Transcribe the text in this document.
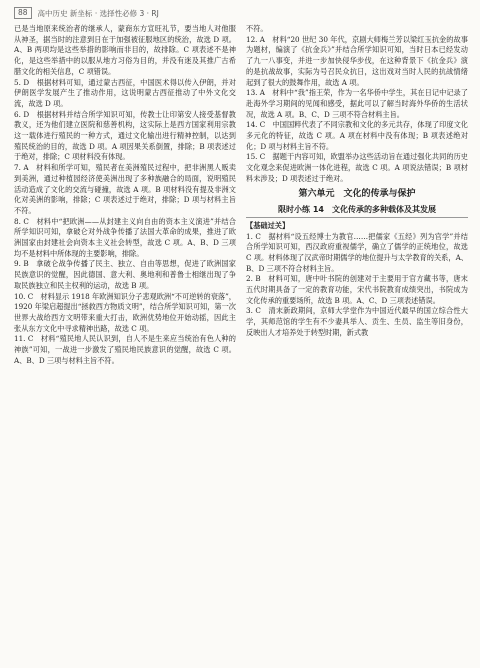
88	高中历史 新坐标 · 选择性必修 3 · RJ

已是当地原来统治者的继承人，蒙商东方宣旺礼节，要当地人对他服从神圣，据当时的注意到日在于加强被征服地区的统治，故选 D 项。A、B 两项均是这些举措的影响而非目的，故排除。C 项表述不是神化，是这些举措中的以服从地方习俗为目的，并没有迷及其推广古希腊文化的相关信息，C 项错误。

5. D　根据材料可知，通过蒙古西征，中国医术得以传入伊朗，并对伊朗医学发展产生了推动作用，这说明蒙古西征推动了中外文化交流，故选 D 项。

6. D　根据材料并结合所学知识可知，传教士让印第安人接受基督教教义，还为他们建立医院和慈善机构，这实际上是西方国家利用宗教这一载体进行殖民的一种方式，通过文化输出进行精神控制，以达到殖民统治的目的，故选 D 项。A 项因果关系倒置，排除；B 项表述过于绝对，排除；C 项材料没有体现。

7. A　材料和所学可知，殖民者在美洲殖民过程中，把非洲黑人贩卖到美洲，通过种植园经济使美洲出现了多种族融合的局面，说明殖民活动造成了文化的交流与碰撞，故选 A 项。B 项材料没有提及非洲文化对美洲的影响，排除；C 项表述过于绝对，排除；D 项与材料主旨不符。

8. C　材料中“把欧洲——从封建主义向自由的资本主义演进”并结合所学知识可知，拿破仑对外战争传播了法国大革命的成果，推进了欧洲国家由封建社会向资本主义社会转型，故选 C 项。A、B、D 三项均不是材料中所体现的主要影响，排除。

9. B　拿破仑战争传播了民主、独立、自由等思想，促进了欧洲国家民族意识的觉醒，因此德国、意大利、奥地利和普鲁士相继出现了争取民族独立和民主权利的运动，故选 B 项。

10. C　材料显示 1918 年欧洲知识分子悲观欧洲“不可逆转的衰落”，1920 年梁启超提出“拯救西方物质文明”，结合所学知识可知，第一次世界大战给西方文明带来重大打击，欧洲优势地位开始动摇，因此主张从东方文化中寻求精神出路，故选 C 项。

11. C　材料“殖民地人民认识到，自人不是生来应当统治有色人种的神族”可知，一战进一步激发了殖民地民族意识的觉醒，故选 C 项。A、B、D 三项与材料主旨不符。

不符。

12. A　材料“20 世纪 30 年代，京剧大师梅兰芳以梁红玉抗金的故事为题材，编演了《抗金兵》”并结合所学知识可知，当时日本已经发动了九一八事变，并进一步加快侵华步伐，在这种背景下《抗金兵》演的是抗战故事，实际为号召民众抗日，这出戏对当时人民的抗战情绪起到了很大的鼓舞作用，故选 A 项。

13. A　材料中“我”指王荣，作为一名华侨中学生，其在日记中记录了赴海外学习期间的见闻和感受，据此可以了解当时海外华侨的生活状况，故选 A 项。B、C、D 三项不符合材料主旨。

14. C　中国国粹代表了不同宗教和文化的多元共存，体现了印度文化多元化的特征，故选 C 项。A 项在材料中没有体现；B 项表述绝对化；D 项与材料主旨不符。

15. C　据题干内容可知，欧盟举办这些活动旨在通过强化共同的历史文化观念来促进欧洲一体化进程，故选 C 项。A 项说法错误；B 项材料未涉及；D 项表述过于绝对。

第六单元　文化的传承与保护
限时小练 14　文化传承的多种载体及其发展
【基础过关】

1. C　据材料“设五经博士为教官……把儒家《五经》列为官学”并结合所学知识可知，西汉政府重视儒学，确立了儒学的正统地位，故选 C 项。材料体现了汉武帝时期儒学的地位提升与太学教育的关系，A、B、D 三项不符合材料主旨。

2. B　材料可知，唐中叶书院的创建对于主要用于官方藏书等，唐末五代时期具备了一定的教育功能，宋代书院教育成绩突出，书院成为文化传承的重要场所，故选 B 项。A、C、D 三项表述错误。

3. C　清末新政期间，京师大学堂作为中国近代最早的国立综合性大学，其师范馆的学生有不少妻具举人、贡生、生员、监生等旧身份，反映出人才培养处于转型时期，新式教
